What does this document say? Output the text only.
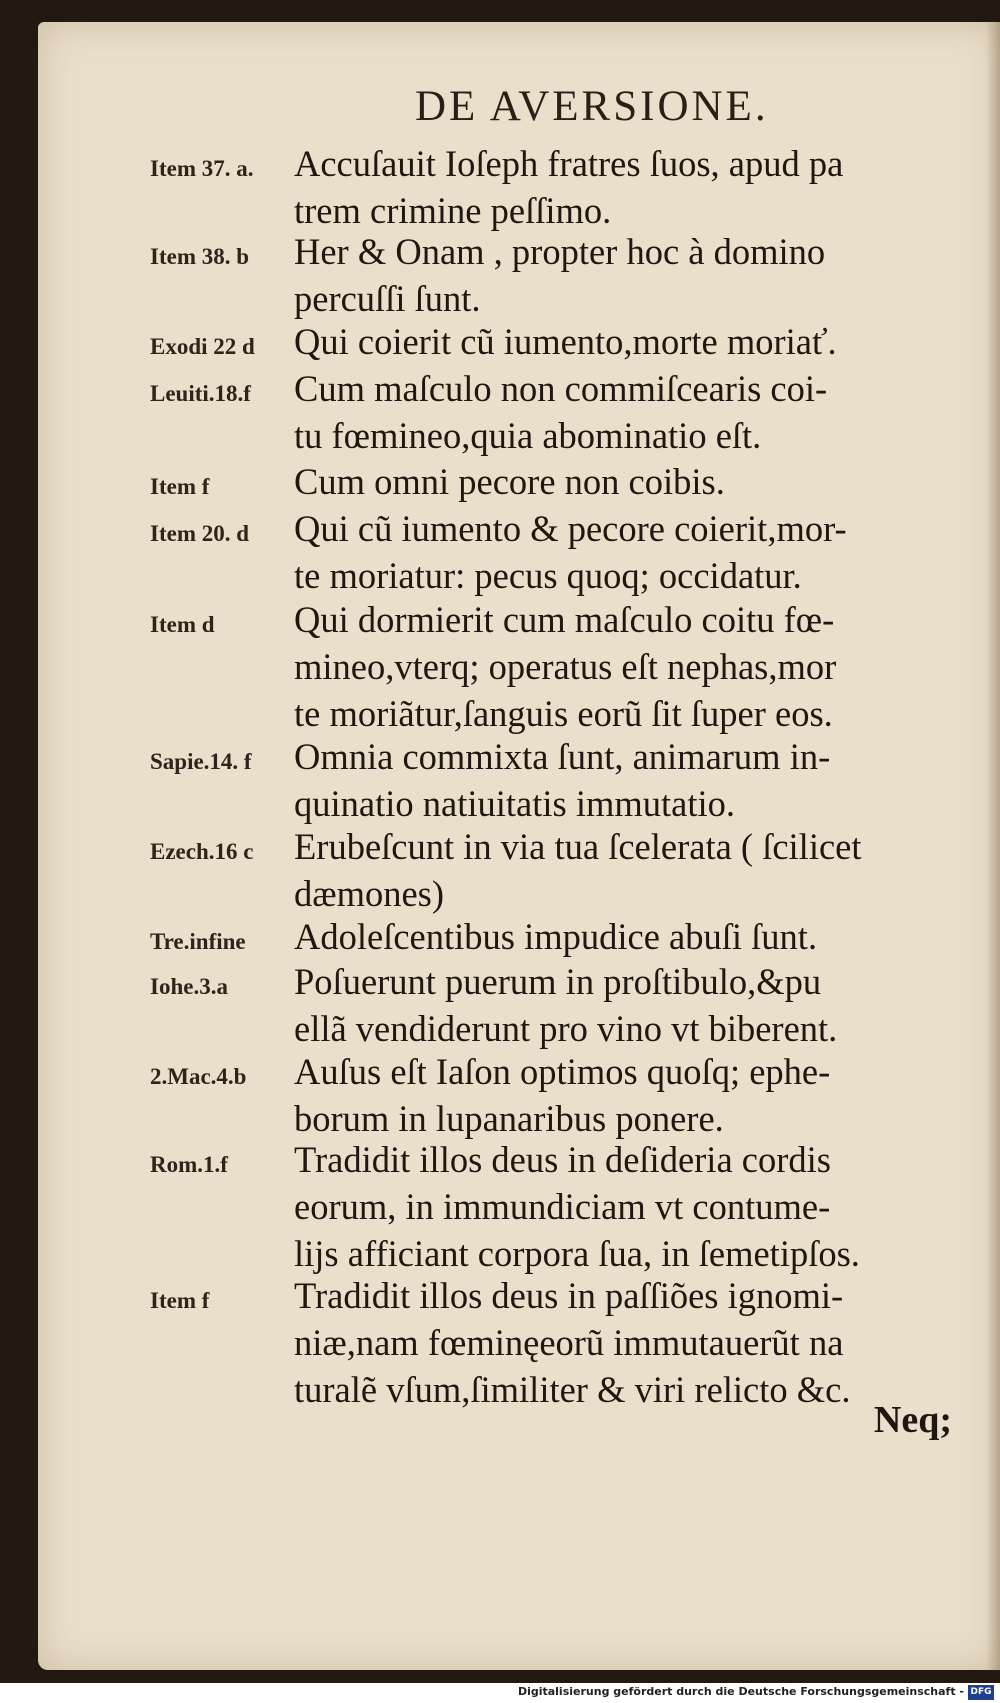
DE AVERSIONE.
Item 37. a.	Accuſauit Ioſeph fratres ſuos, apud pa
trem crimine peſſimo.
Item 38. b	Her & Onam , propter hoc à domino
percuſſi ſunt.
Exodi 22 d	Qui coierit cũ iumento,morte moriať.
Leuiti.18.f	Cum maſculo non commiſcearis coi-
tu fœmineo,quia abominatio eſt.
Item f	Cum omni pecore non coibis.
Item 20. d	Qui cũ iumento & pecore coierit,mor-
te moriatur: pecus quoq; occidatur.
Item d	Qui dormierit cum maſculo coitu fœ-
mineo,vterq; operatus eſt nephas,mor
te moriãtur,ſanguis eorũ ſit ſuper eos.
Sapie.14. f	Omnia commixta ſunt, animarum in-
quinatio natiuitatis immutatio.
Ezech.16 c	Erubeſcunt in via tua ſcelerata ( ſcilicet
dæmones)
Tre.infine	Adoleſcentibus impudice abuſi ſunt.
Iohe.3.a	Poſuerunt puerum in proſtibulo,&pu
ellã vendiderunt pro vino vt biberent.
2.Mac.4.b	Auſus eſt Iaſon optimos quoſq; ephe-
borum in lupanaribus ponere.
Rom.1.f	Tradidit illos deus in deſideria cordis
eorum, in immundiciam vt contume-
lijs afficiant corpora ſua, in ſemetipſos.
Item f	Tradidit illos deus in paſſiões ignomi-
niæ,nam fœminęeorũ immutauerũt na
turalẽ vſum,ſimiliter & viri relicto &c.
Neq;
Digitalisierung gefördert durch die Deutsche Forschungsgemeinschaft - DFG
